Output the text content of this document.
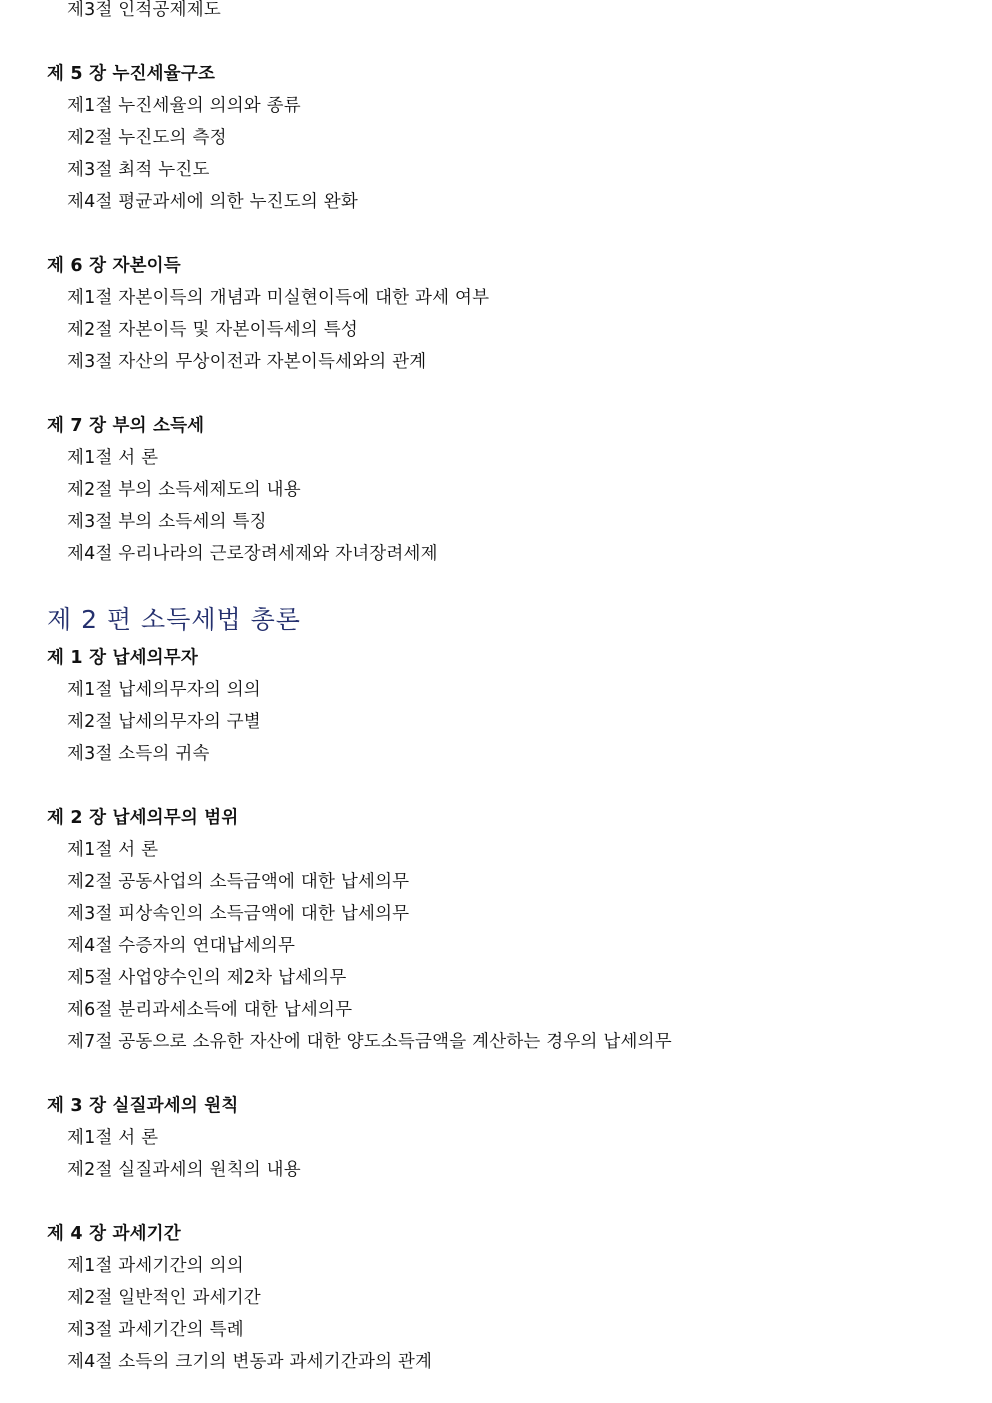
제3절 인적공제제도
제 5 장 누진세율구조
제1절 누진세율의 의의와 종류
제2절 누진도의 측정
제3절 최적 누진도
제4절 평균과세에 의한 누진도의 완화
제 6 장 자본이득
제1절 자본이득의 개념과 미실현이득에 대한 과세 여부
제2절 자본이득 및 자본이득세의 특성
제3절 자산의 무상이전과 자본이득세와의 관계
제 7 장 부의 소득세
제1절 서 론
제2절 부의 소득세제도의 내용
제3절 부의 소득세의 특징
제4절 우리나라의 근로장려세제와 자녀장려세제
제 2 편 소득세법 총론
제 1 장 납세의무자
제1절 납세의무자의 의의
제2절 납세의무자의 구별
제3절 소득의 귀속
제 2 장 납세의무의 범위
제1절 서 론
제2절 공동사업의 소득금액에 대한 납세의무
제3절 피상속인의 소득금액에 대한 납세의무
제4절 수증자의 연대납세의무
제5절 사업양수인의 제2차 납세의무
제6절 분리과세소득에 대한 납세의무
제7절 공동으로 소유한 자산에 대한 양도소득금액을 계산하는 경우의 납세의무
제 3 장 실질과세의 원칙
제1절 서 론
제2절 실질과세의 원칙의 내용
제 4 장 과세기간
제1절 과세기간의 의의
제2절 일반적인 과세기간
제3절 과세기간의 특례
제4절 소득의 크기의 변동과 과세기간과의 관계
